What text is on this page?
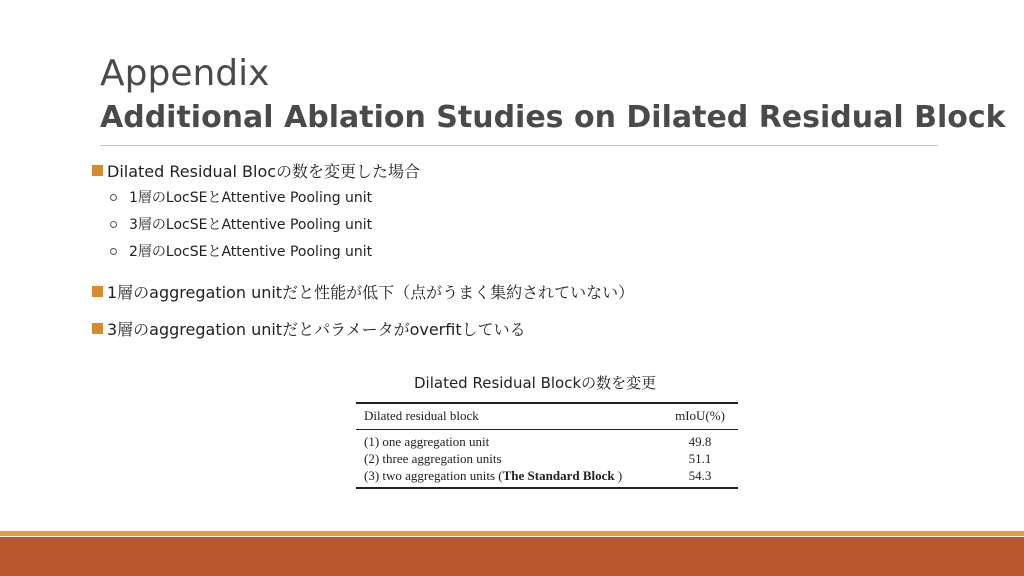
Appendix
Additional Ablation Studies on Dilated Residual Block
Dilated Residual Blocの数を変更した場合
1層のLocSEとAttentive Pooling unit
3層のLocSEとAttentive Pooling unit
2層のLocSEとAttentive Pooling unit
1層のaggregation unitだと性能が低下（点がうまく集約されていない）
3層のaggregation unitだとパラメータがoverfitしている
Dilated Residual Blockの数を変更
Dilated residual block	mIoU(%)
(1) one aggregation unit	49.8
(2) three aggregation units	51.1
(3) two aggregation units (The Standard Block )	54.3
